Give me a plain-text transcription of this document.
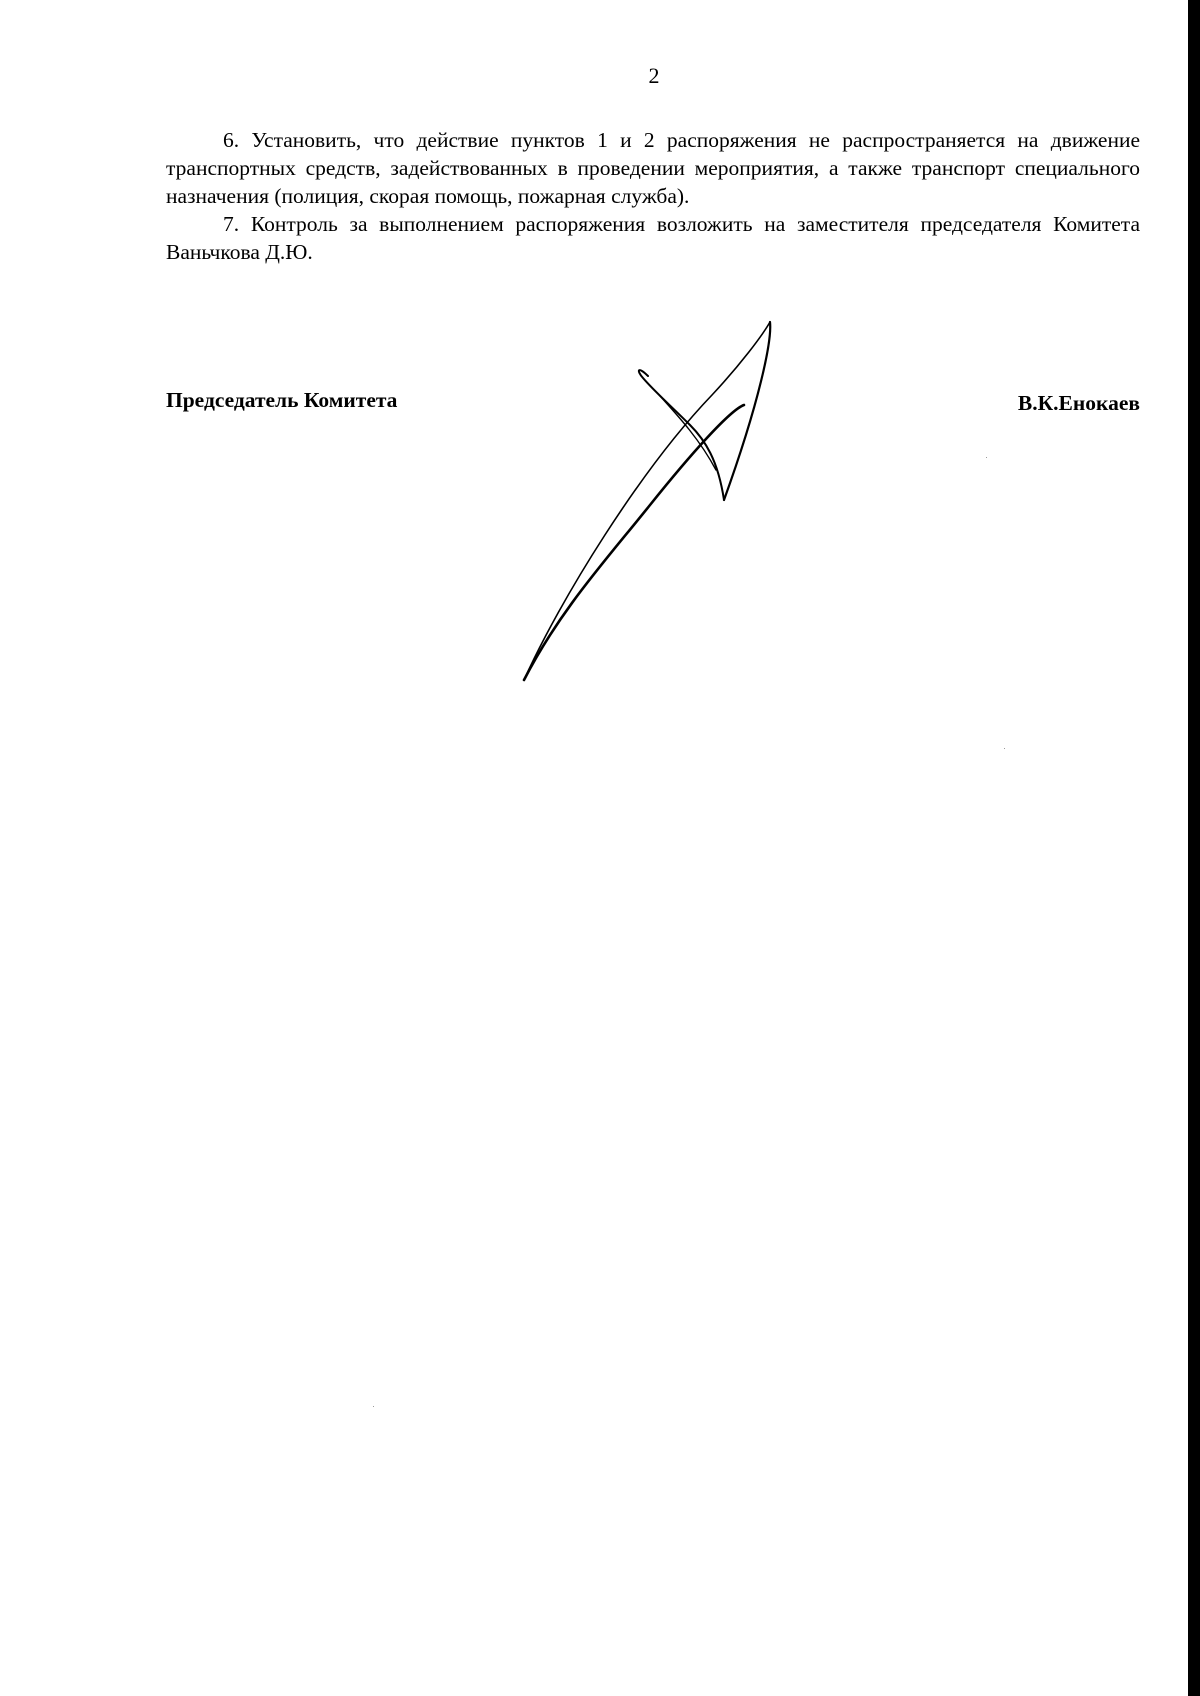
2

6. Установить, что действие пунктов 1 и 2 распоряжения не распространяется на движение транспортных средств, задействованных в проведении мероприятия, а также транспорт специального назначения (полиция, скорая помощь, пожарная служба).

7. Контроль за выполнением распоряжения возложить на заместителя председателя Комитета Ваньчкова Д.Ю.

Председатель Комитета	В.К.Енокаев
